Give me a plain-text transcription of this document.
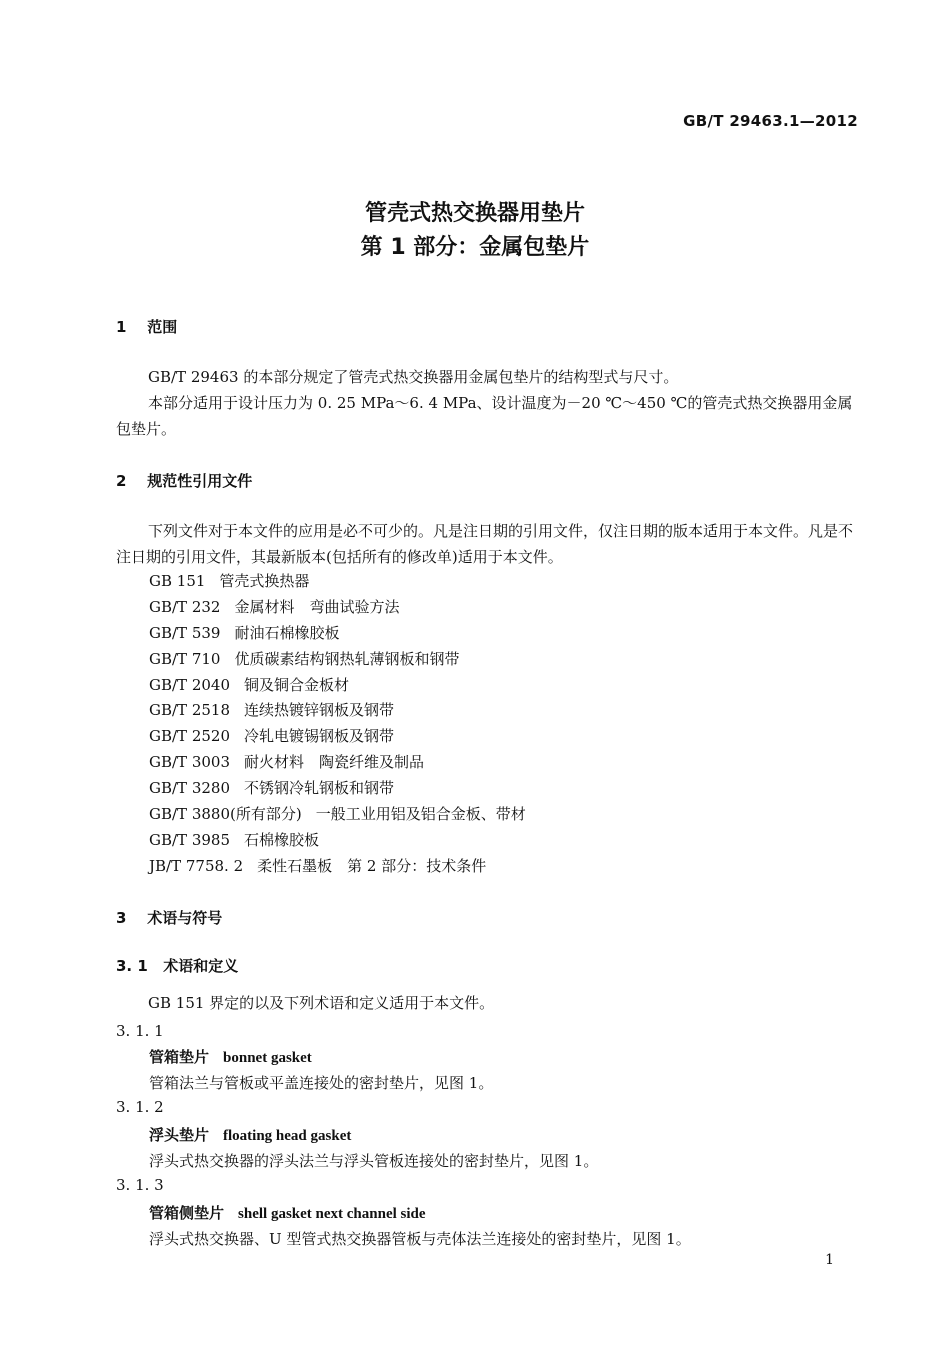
GB/T 29463.1—2012
管壳式热交换器用垫片
第 1 部分：金属包垫片
1 范围
GB/T 29463 的本部分规定了管壳式热交换器用金属包垫片的结构型式与尺寸。
本部分适用于设计压力为 0. 25 MPa～6. 4 MPa、设计温度为－20 ℃～450 ℃的管壳式热交换器用金属包垫片。
2 规范性引用文件
下列文件对于本文件的应用是必不可少的。凡是注日期的引用文件，仅注日期的版本适用于本文件。凡是不注日期的引用文件，其最新版本(包括所有的修改单)适用于本文件。
GB 151 管壳式换热器
GB/T 232 金属材料　弯曲试验方法
GB/T 539 耐油石棉橡胶板
GB/T 710 优质碳素结构钢热轧薄钢板和钢带
GB/T 2040 铜及铜合金板材
GB/T 2518 连续热镀锌钢板及钢带
GB/T 2520 冷轧电镀锡钢板及钢带
GB/T 3003 耐火材料　陶瓷纤维及制品
GB/T 3280 不锈钢冷轧钢板和钢带
GB/T 3880(所有部分) 一般工业用铝及铝合金板、带材
GB/T 3985 石棉橡胶板
JB/T 7758. 2 柔性石墨板　第 2 部分：技术条件
3 术语与符号
3. 1 术语和定义
GB 151 界定的以及下列术语和定义适用于本文件。
3. 1. 1
管箱垫片 bonnet gasket
管箱法兰与管板或平盖连接处的密封垫片，见图 1。
3. 1. 2
浮头垫片 floating head gasket
浮头式热交换器的浮头法兰与浮头管板连接处的密封垫片，见图 1。
3. 1. 3
管箱侧垫片 shell gasket next channel side
浮头式热交换器、U 型管式热交换器管板与壳体法兰连接处的密封垫片，见图 1。
1
